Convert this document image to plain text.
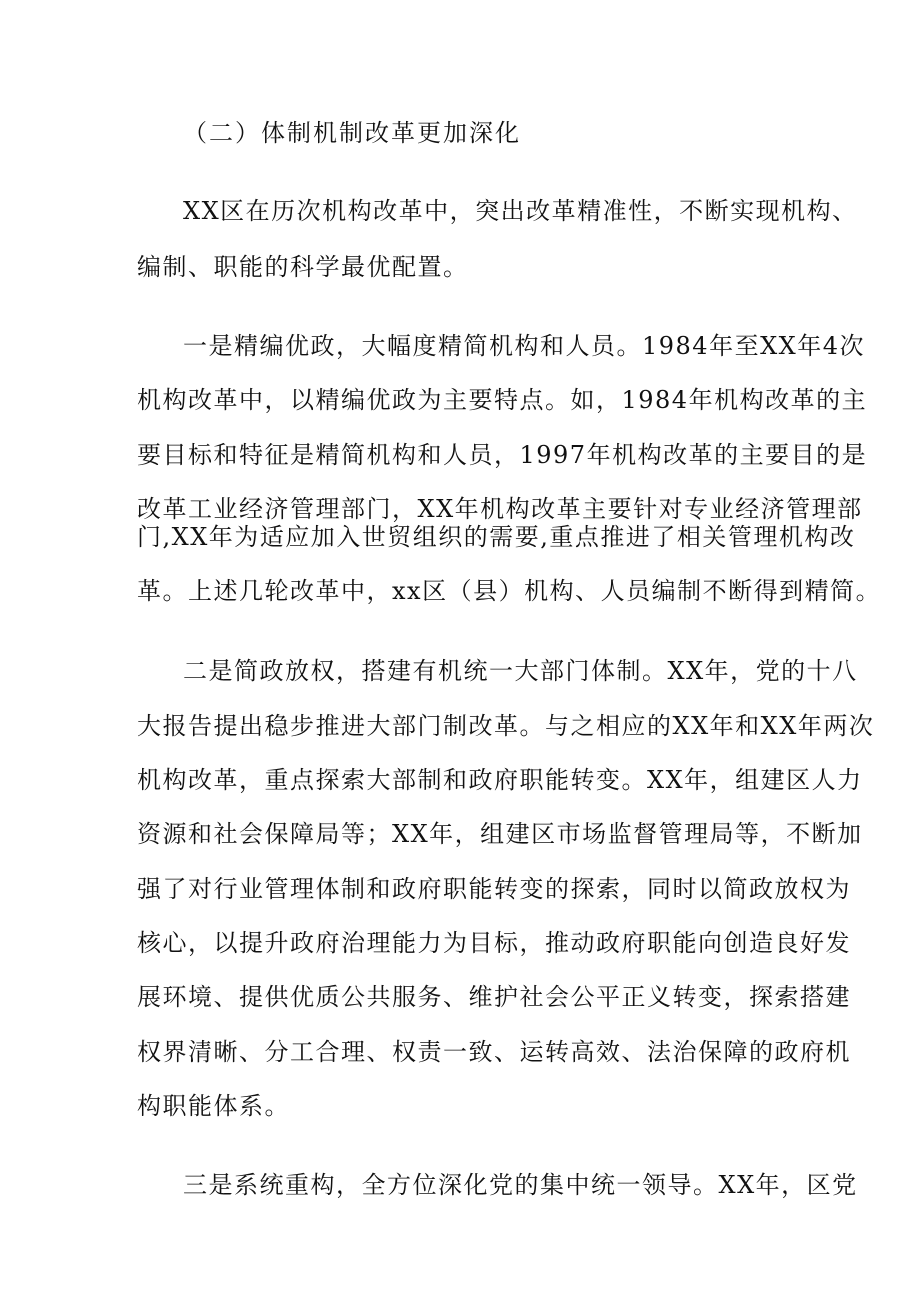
（二）体制机制改革更加深化
XX区在历次机构改革中，突出改革精准性，不断实现机构、
编制、职能的科学最优配置。
一是精编优政，大幅度精简机构和人员。1984年至XX年4次
机构改革中，以精编优政为主要特点。如，1984年机构改革的主
要目标和特征是精简机构和人员，1997年机构改革的主要目的是
改革工业经济管理部门，XX年机构改革主要针对专业经济管理部
门,XX年为适应加入世贸组织的需要,重点推进了相关管理机构改
革。上述几轮改革中，xx区（县）机构、人员编制不断得到精简。
二是简政放权，搭建有机统一大部门体制。XX年，党的十八
大报告提出稳步推进大部门制改革。与之相应的XX年和XX年两次
机构改革，重点探索大部制和政府职能转变。XX年，组建区人力
资源和社会保障局等；XX年，组建区市场监督管理局等，不断加
强了对行业管理体制和政府职能转变的探索，同时以简政放权为
核心，以提升政府治理能力为目标，推动政府职能向创造良好发
展环境、提供优质公共服务、维护社会公平正义转变，探索搭建
权界清晰、分工合理、权责一致、运转高效、法治保障的政府机
构职能体系。
三是系统重构，全方位深化党的集中统一领导。XX年，区党
